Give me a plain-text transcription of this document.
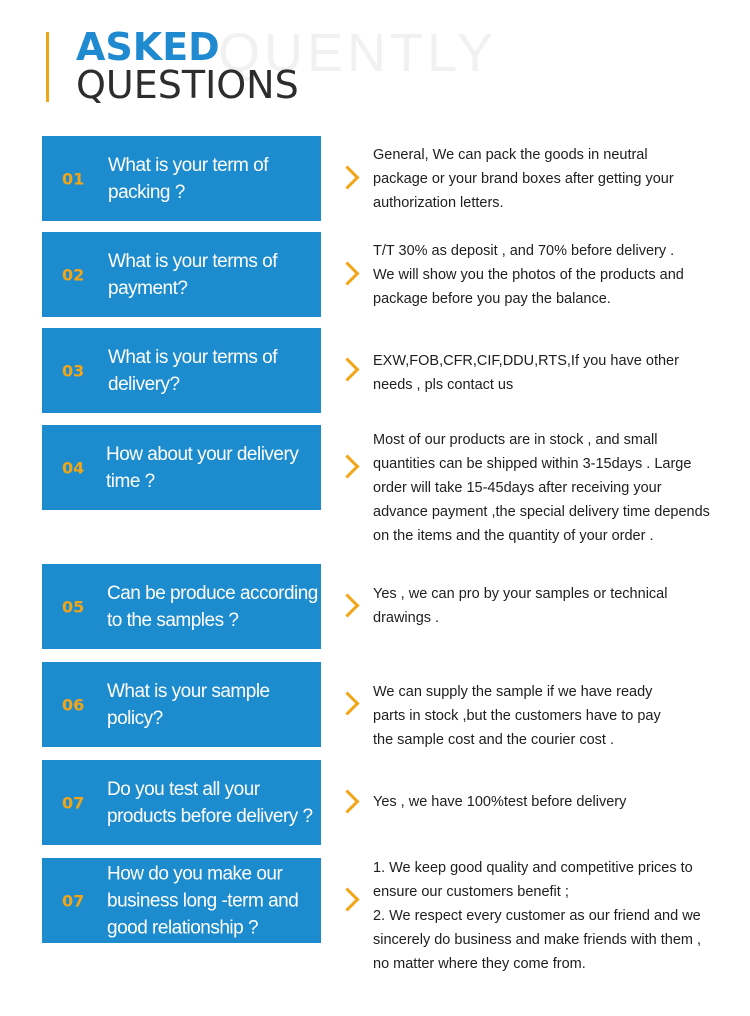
QUENTLY
ASKED
QUESTIONS
01
What is your term of packing ?
General, We can pack the goods in neutral
package or your brand boxes after getting your
authorization letters.
02
What is your terms of payment?
T/T 30% as deposit , and 70% before delivery .
We will show you the photos of the products and
package before you pay the balance.
03
What is your terms of delivery?
EXW,FOB,CFR,CIF,DDU,RTS,If you have other
needs , pls contact us
04
How about your delivery time ?
Most of our products are in stock , and small
quantities can be shipped within 3-15days . Large
order will take 15-45days after receiving your
advance payment ,the special delivery time depends
on the items and the quantity of your order .
05
Can be produce according to the samples ?
Yes , we can pro by your samples or technical
drawings .
06
What is your sample policy?
We can supply the sample if we have ready
parts in stock ,but the customers have to pay
the sample cost and the courier cost .
07
Do you test all your products before delivery ?
Yes , we have 100%test before delivery
07
How do you make our business long -term and good relationship ?
1. We keep good quality and competitive prices to
ensure our customers benefit ;
2. We respect every customer as our friend and we
sincerely do business and make friends with them ,
no matter where they come from.
